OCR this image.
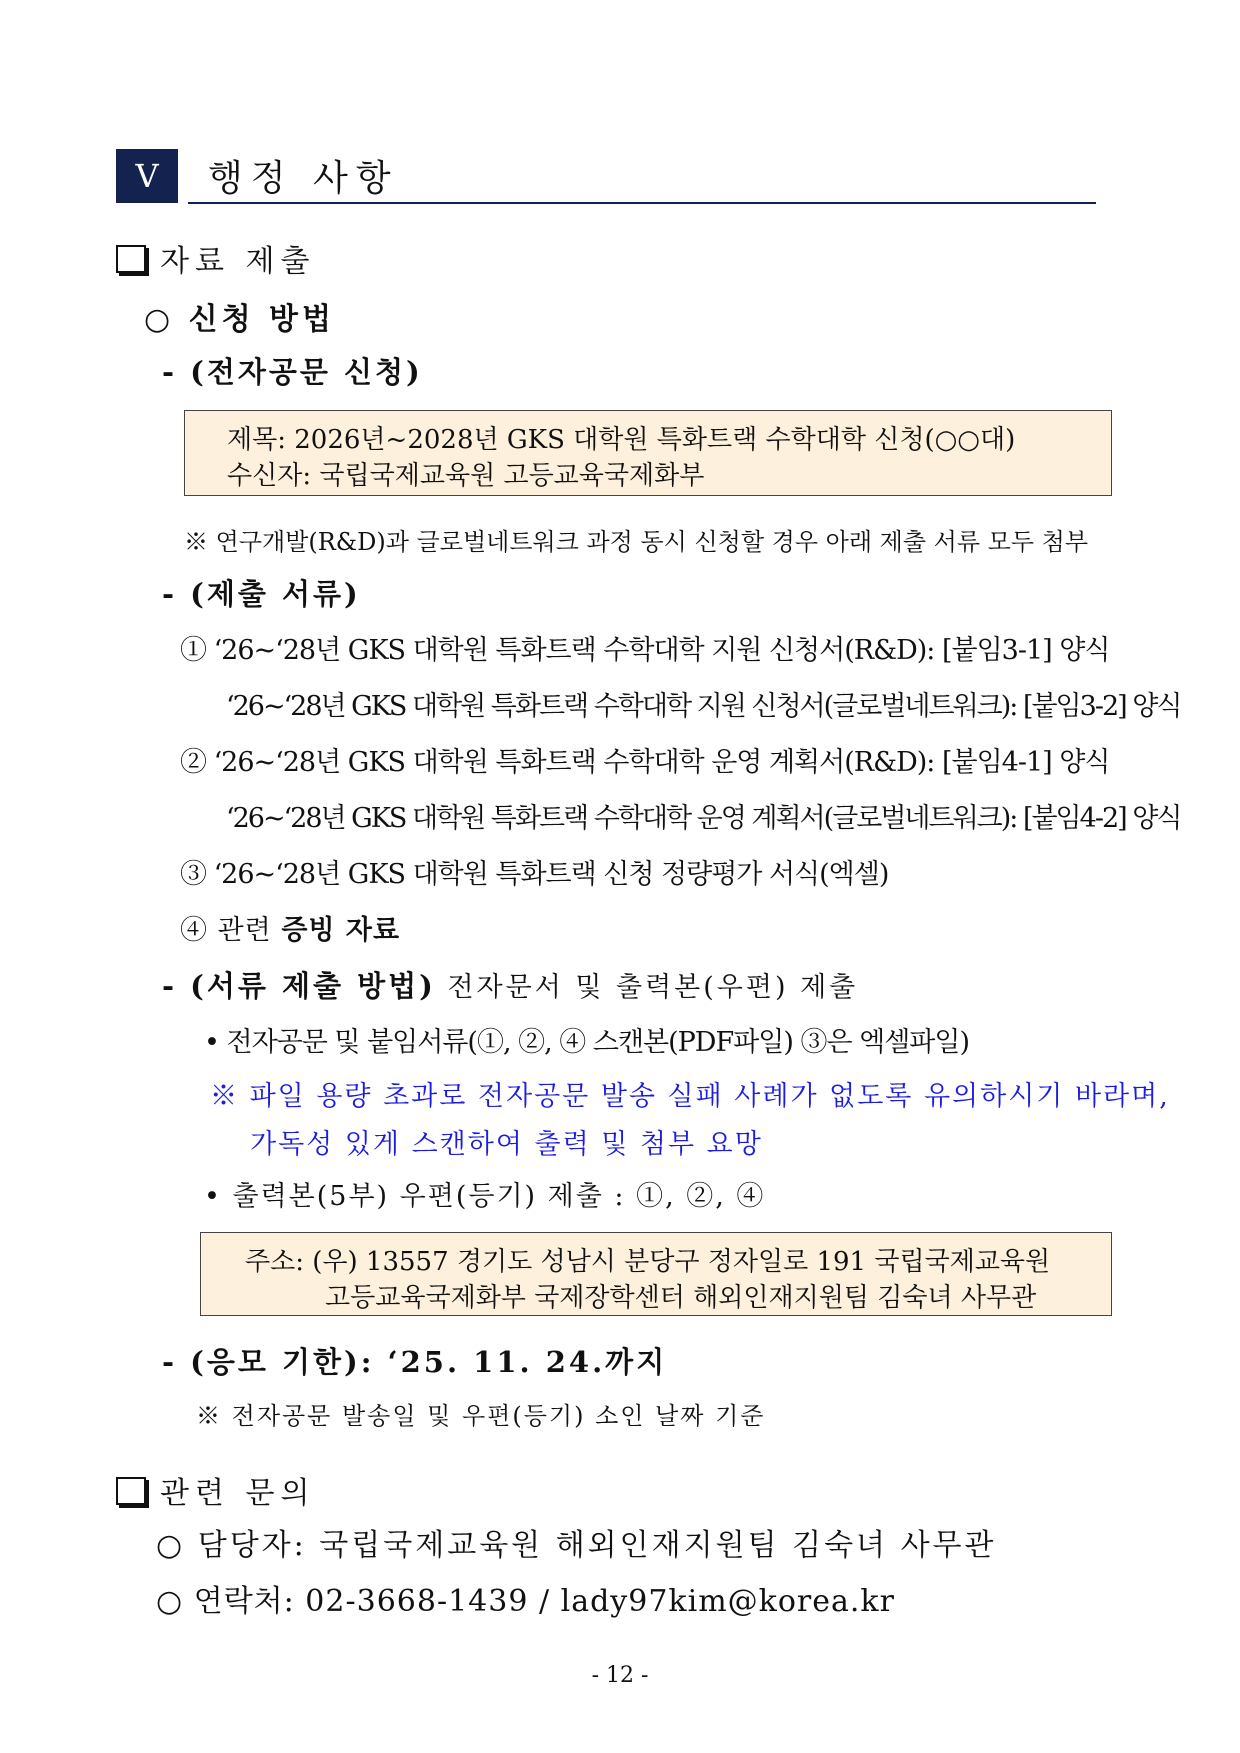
V	행정 사항
자료 제출
○ 신청 방법
- (전자공문 신청)
제목: 2026년~2028년 GKS 대학원 특화트랙 수학대학 신청(○○대)
수신자: 국립국제교육원 고등교육국제화부
※ 연구개발(R&D)과 글로벌네트워크 과정 동시 신청할 경우 아래 제출 서류 모두 첨부
- (제출 서류)
① ‘26~‘28년 GKS 대학원 특화트랙 수학대학 지원 신청서(R&D): [붙임3-1] 양식
‘26~‘28년 GKS 대학원 특화트랙 수학대학 지원 신청서(글로벌네트워크): [붙임3-2] 양식
② ‘26~‘28년 GKS 대학원 특화트랙 수학대학 운영 계획서(R&D): [붙임4-1] 양식
‘26~‘28년 GKS 대학원 특화트랙 수학대학 운영 계획서(글로벌네트워크): [붙임4-2] 양식
③ ‘26~‘28년 GKS 대학원 특화트랙 신청 정량평가 서식(엑셀)
④ 관련 증빙 자료
- (서류 제출 방법) 전자문서 및 출력본(우편) 제출
• 전자공문 및 붙임서류(①, ②, ④ 스캔본(PDF파일) ③은 엑셀파일)
※ 파일 용량 초과로 전자공문 발송 실패 사례가 없도록 유의하시기 바라며,
가독성 있게 스캔하여 출력 및 첨부 요망
• 출력본(5부) 우편(등기) 제출 : ①, ②, ④
주소: (우) 13557 경기도 성남시 분당구 정자일로 191 국립국제교육원
고등교육국제화부 국제장학센터 해외인재지원팀 김숙녀 사무관
- (응모 기한): ‘25. 11. 24.까지
※ 전자공문 발송일 및 우편(등기) 소인 날짜 기준
관련 문의
○ 담당자: 국립국제교육원 해외인재지원팀 김숙녀 사무관
○ 연락처: 02-3668-1439 / lady97kim@korea.kr
- 12 -
